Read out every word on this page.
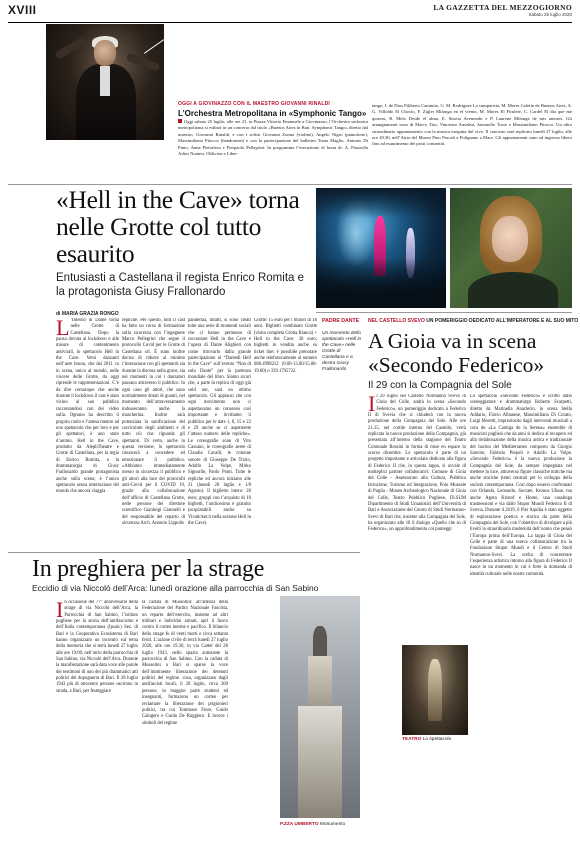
XVIII	LA GAZZETTA DEL MEZZOGIORNO
Sabato 25 luglio 2020
OGGI A GIOVINAZZO CON IL MAESTRO GIOVANNI RINALDI
L’Orchestra Metropolitana in «Symphonic Tango»
Oggi sabato 25 luglio, alle ore 21, in Piazza Vittorio Emanuele a Giovinazzo, l’Orchestra sinfonica metropolitana si esibirà in un concerto dal titolo «Buenos Aires in Bari. Symphonic Tango» diretto dal maestro, Giovanni Rinaldi, e con i solisti Giovanni Zonno (violino), Angelo Nigro (pianoforte), Massimiliano Pitocco (bandoneon) e con la partecipazione del ballerini Tonia Maglio, Antonio Di Pinto, Anna Pietrafesa e Pierpaolo Pellegrini. In programma l’esecuzione di brani di: A. Piazzolla Adios Nonino, Oblivion e Liber-
tango; J. de Dios Filiberto Caminito, G. M. Rodriguez La cumparsita, M. Mores Cafetín de Buenos Aires, A. G. Villoldo El Choclo, F. Zigler Milonga en el viento, M. Mores El Firulete, C. Cardel El día que me quieras, R. Melo Desde el alma, E. Strotta Avenombi e P. Laurenz Milonga de mis amores. Gli arrangiamenti sono di Marco Tiso, Vincenzo Anselmi, Antonello Tosto e Massimiliano Pitocco. Un altro straordinario appuntamento con la musica eseguita dal vivo. Il concerto sarà replicato lunedì 27 luglio, alle ore 20.30, nell’Atrio del Museo Pino Pascali a Polignano a Mare. Gli appuntamenti sono ad ingresso libero fino ad esaurimento dei posti consentiti.
«Hell in the Cave» torna nelle Grotte col tutto esaurito
Entusiasti a Castellana il regista Enrico Romita e la protagonista Giusy Frallonardo
di MARIA GRAZIA RONGO
L ’Inferno di Dante torna nelle Grotte di Castellana. Dopo la pausa dovuta al lockdown e alle misure di contenimento antivirali, lo spettacolo Hell in the Cave. Versi danzanti nell’aere bruno, che dal 2011 va in scena, unico al mondo, nelle viscere delle Grotte, da oggi riprende le rappresentazioni. C’è da dire comunque che anche durante il lockdown il cast è stato vicino al suo pubblico raccontandosi con dei video sulla. Ognuno ha descritto il proprio ruolo e l’attesa mentre ad uno spettacolo che per loro e per gli spettatori, è uno stato d’animo. Hell in the Cave, prodotto da AlephTheatre e Grotte di Castellana, per la regia di Enrico Romita, e la drammaturgia di Giusy Frallonardo grande protagonista anche sulla scena; è l’unico spettacolo senza interruzione del mondo che ancora viaggia
repliche. Per questo, tutti il cast ha fatto un corso di formazione sulla sicurezza con l’ingegnere Marco Pellegrini che segue il protocollo Covid per le Grotte di Castellana srl. È stato inoltre deciso di ridurre al minimo l’interazione con gli spettatori sia durante la discesa nella grave, sia nei momenti in cui i danzatori passano attraverso il pubblico. In ogni caso gli attori, che sono normalmente dotati di guanti, nel momento dell’attraversamento indosseranno anche la mascherina. Inoltre sarà potenziata la sanificazione del curriculum degli ambienti e di tutto ciò che riguarda gli spettatori. Di certo, anche in questa versione, lo spettacolo rinuncerà a concedere ed emozionare il pubblico. «Abbiamo immediatamente messo in sicurezza il pubblico e gli attori alla luce dei protocolli anti-Covid per il COVID 19, grazie alla collaborazione dell’ufficio di Castellana Grotte, nelle persone del direttore scientifico Gianluigi Giannelli e del responsabile del reparto di sicurezza Arch. Antonio Lippolis
pandemia, infatti, si sono creati tutte una serie di momenti sociali che ci hanno permesso di raccontare Hell in the Cave e l’opera di Dante Alighieri con come ritrovarlo dalla grande partecipazione al “Dantedì Hell in the Cave” sull’evento “Non di solo Dante” per la partenza mondiale del libro. Siamo sicuri che, a parte la replica di oggi già sold out, sarà un ottimo spettacolo. Gli applausi che con ogni movimento non ci aspettavamo un consenso così importante e invitiamo il pubblico per le date 1, 8, 15 e 22 e 29 anche se ci aspetterete l’atteso numero delle repliche». Le coreografie sono di Vito Cassano, le coreografie aeree di Claudia Cavalli, le colonne sonore di Giuseppe De Trizio, Adolfo La Volpe, Mirko Signorile, Paolo Ponti. Tutte le repliche ed ancora iniziano alle 21 (lunedì 20 luglio e 1/8 Agosto). Il biglietto intero: 20 euro; gruppi con l’acquisto di 10 biglietti, l’undicesimo è gratuito (acquistabili anche su Vivaticket.it nella sezione Hell in the Cave).
Grotte: 15 euro per i minori di 18 anni. Biglietti combinato Grotte (visita completa Grotta Bianca) + Hell in the Cave: 30 euro; biglietti in vendita anche su ticket line; è possibile prenotare anche telefonicamente al numero 080.4998212 (9.00-13.00/15.00-19.00) o 339.1795722.
PADRE DANTE
Un momento dello spettacolo «Hell in the Cave» nelle Grotte di Castellana e a destra Giusy Frallonardo
NEL CASTELLO SVEVO UN POMERIGGIO DEDICATO ALL’IMPERATORE E AL SUO MITO
A Gioia va in scena «Secondo Federico»
Il 29 con la Compagnia del Sole
Il 29 luglio nel Castello Normanno Svevo di Gioia del Colle, andrà in scena «Secondo Federico», un pomeriggio dedicato a Federico II di Svevia che si chiuderà con la nuova produzione della Compagnia del Sole. Alle ore 21.15, nel cortile interno del Castello, verrà replicata la nuova produzione della Compagnia, già presentata all’interno della stagione del Teatro Comunale Rossini in forma di mise en espace lo scorso dicembre. Lo spettacolo è parte di un progetto importante e articolato dedicato alla figura di Federico II che, in questa tappa, si avvale di molteplici partner collaborativi: Comune di Gioia del Colle - Assessorato alla Cultura, Pubblica Istruzione, Turismo ed Integrazione, Polo Museale di Puglia - Museo Archeologico Nazionale di Gioia del Colle, Teatro Pubblico Pugliese, Di.SUM Dipartimento di Studi Umanistici dell’Università di Bari e Associazione del Centro di Studi Normanno-Svevi di Bari che, insieme alla Compagnia del Sole, ha organizzato alle 18 il dialogo «Quello che so di Federico», un approfondimento coi punteggi
Lo spettacolo «Secondo Federico» è scritto dallo sceneggiatore e drammaturgo Roberto Scarpetti, diretto da Marinella Anaclerio, in scena Stella Addario, Flavio Albanese, Massimiliano Di Corato, Luigi Moretti, impreziosito dagli interventi musicali a cura de «La Cantiga de la Serena» ensemble di musicisti pugliesi che da anni si dedica al recupero ed alla rielaborazione della musica antica e tradizionale del bacino del Mediterraneo composto da Giorgio Sanvito, Fabrizio Piepoli e Adolfo La Volpe. «Secondo Federico» è la nuova produzione la Compagnia del Sole, da sempre impegnata nel mettere in luce, attraverso figure classiche mitiche ma anche storiche (temi centrali per lo sviluppo della società contemporanea. Così dopo essersi confrontati con Orlando, Leonardo, Socrate, Kronos Ulisse, ma anche Agota Kristof e Homo, una casalinga trasmessioni e via dallo Stupor Mundi Federico II di Svevia. Durante il 2019, il Pier Aquilia è stato oggetto di esplorazione poetica e storica da parte della Compagnia del Sole, con l’obiettivo di divulgare a più livelli la straordinaria modernità dell’uomo che pensò l’Europa prima dell’Europa. La tappa di Gioia del Colle è parte di una nuova collaborazione tra la Fondazione Stupor Mundi e il Centro di Studi Normanno-Svevi. La scelta di concentrare l’esperienza artistica intorno alla figura di Federico II nasce in un momento in cui è forte la domanda di identità culturale nelle nostre comunità.
TEATRO Lo spettacolo
In preghiera per la strage
Eccidio di via Niccolò dell’Arca: lunedì orazione alla parrocchia di San Sabino
In occasione del 77° anniversario della strage di via Niccolò dell’Arca, la Parrocchia di San Sabino, l’istituto pugliese per la storia dell’antifascismo e dell’Italia contemporanea (Ipsaic) Sez. di Bari e la Cooperativa Ecosistema di Bari hanno organizzato un incontro sul tema della memoria che si terrà lunedì 27 luglio alle ore 19:00, nell’atrio della parrocchia di San Sabino, via Niccolò dell’Arca. Durante la manifestazione sarà data voce alle parole dei testimoni di uno dei più drammatici atti politici del dopoguerra di Bari. Il 28 luglio 1943 più di ottocento persone uscirono in strada, a Bari, per festeggiare
la caduta di Mussolini: all’altezza della Federazione del Partito Nazionale Fascista, un reparto dell’esercito, insieme ad altri militari e individui armati, aprì il fuoco contro il corteo inerme e pacifico. Il bilancio della strage fu di venti morti e circa settanta feriti. L’azione civile di terrà lunedì 27 luglio 2020, alle ore 19.30, in via Cattel del 28 luglio 1943, nello spazio antistante la parrocchia di San Sabino. Con la caduta di Mussolini a Bari si sparse la voce dell’imminente liberazione dei detenuti politici del regime. cosa, organizzato dagli antifascisti locali, il 28 luglio, circa 200 persone, in maggior parte studenti ed insegnanti, formarono un corteo per reclamare la liberazione dei prigionieri politici, tra cui Tommaso Fiore, Guido Calogero e Guido De Ruggiero. E invece i simboli del regime
P.ZZA UMBERTO Monumento
